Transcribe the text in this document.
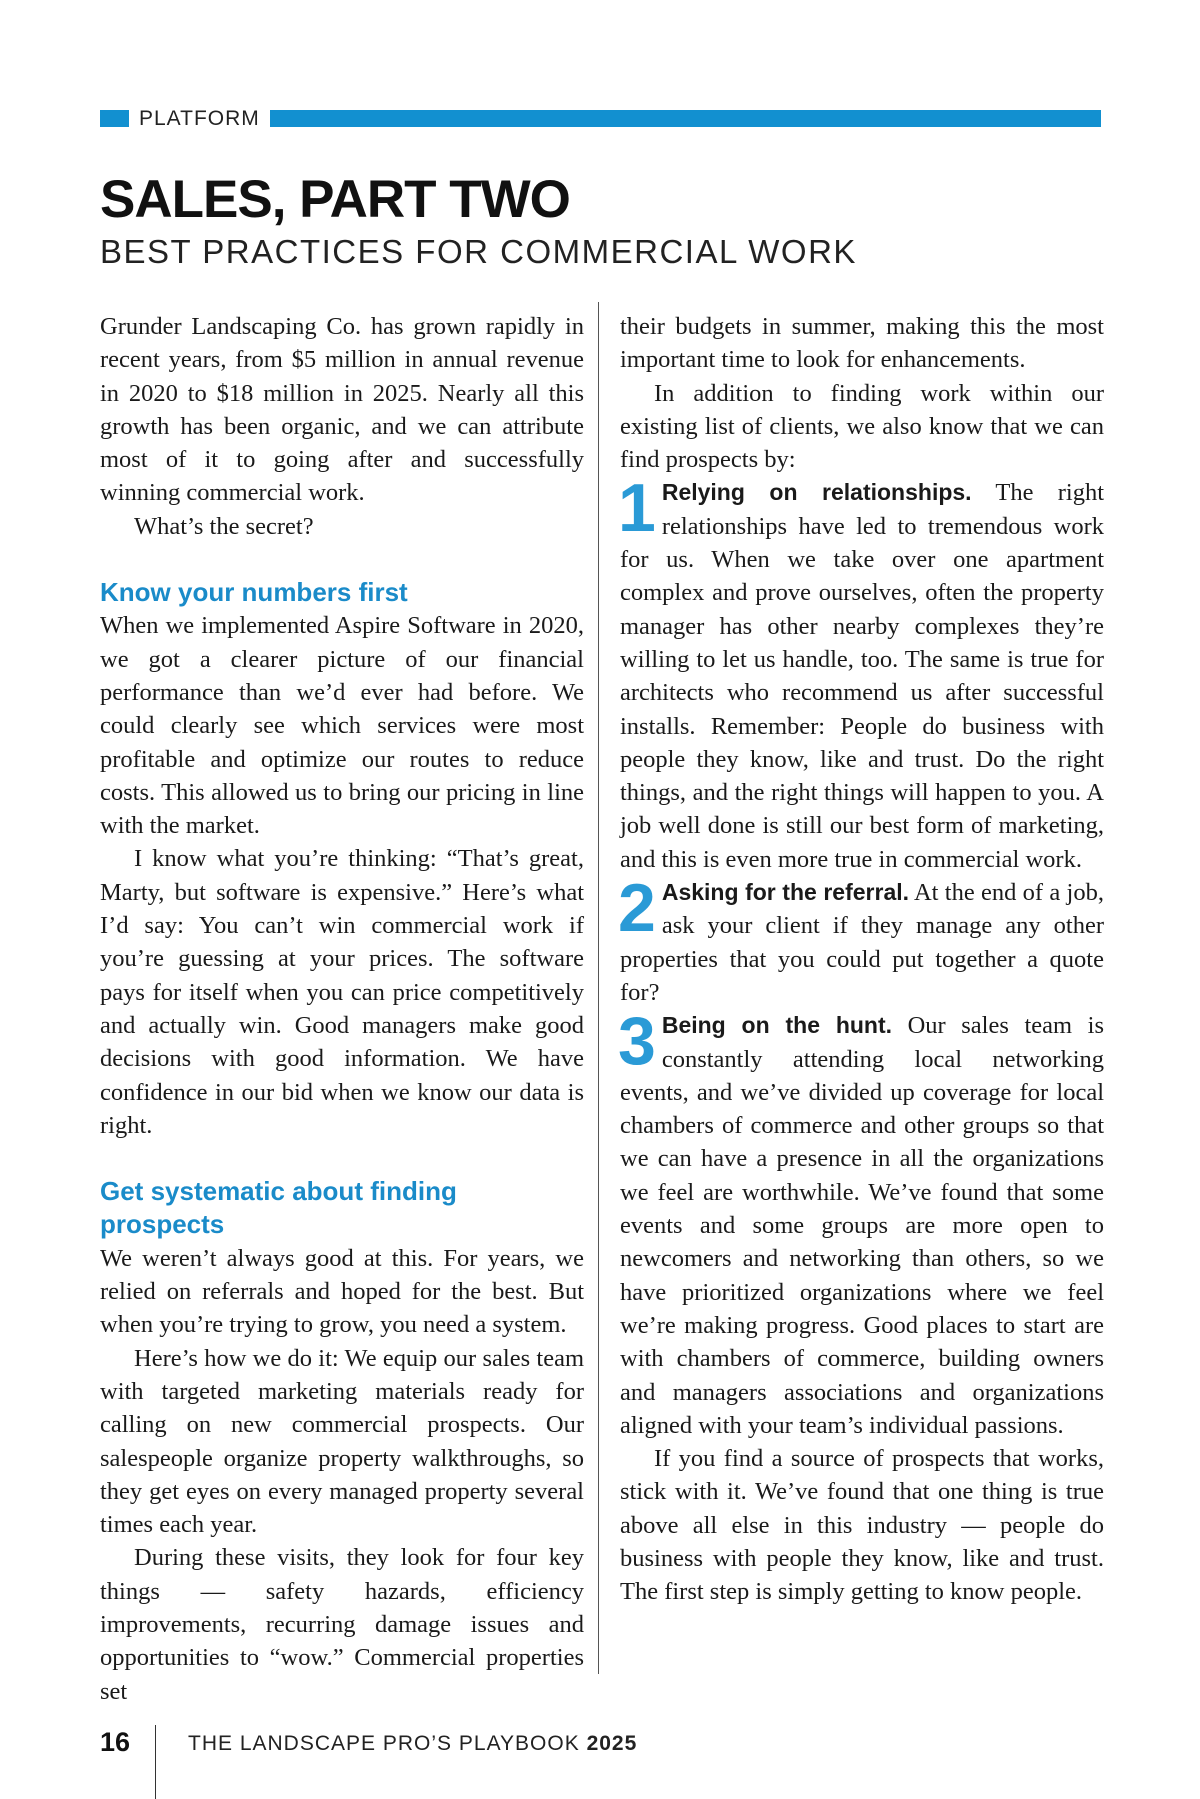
PLATFORM
SALES, PART TWO
BEST PRACTICES FOR COMMERCIAL WORK

Grunder Landscaping Co. has grown rapidly in recent years, from $5 million in annual revenue in 2020 to $18 million in 2025. Nearly all this growth has been organic, and we can attribute most of it to going after and successfully winning commercial work.

What’s the secret?

Know your numbers first

When we implemented Aspire Software in 2020, we got a clearer picture of our financial performance than we’d ever had before. We could clearly see which services were most profitable and optimize our routes to reduce costs. This allowed us to bring our pricing in line with the market.

I know what you’re thinking: “That’s great, Marty, but software is expensive.” Here’s what I’d say: You can’t win commercial work if you’re guessing at your prices. The software pays for itself when you can price competitively and actually win. Good managers make good decisions with good information. We have confidence in our bid when we know our data is right.

Get systematic about finding prospects

We weren’t always good at this. For years, we relied on referrals and hoped for the best. But when you’re trying to grow, you need a system.

Here’s how we do it: We equip our sales team with targeted marketing materials ready for calling on new commercial prospects. Our salespeople organize property walkthroughs, so they get eyes on every managed property several times each year.

During these visits, they look for four key things — safety hazards, efficiency improvements, recurring damage issues and opportunities to “wow.” Commercial properties set

their budgets in summer, making this the most important time to look for enhancements.

In addition to finding work within our existing list of clients, we also know that we can find prospects by:

1 Relying on relationships. The right relationships have led to tremendous work for us. When we take over one apartment complex and prove ourselves, often the property manager has other nearby complexes they’re willing to let us handle, too. The same is true for architects who recommend us after successful installs. Remember: People do business with people they know, like and trust. Do the right things, and the right things will happen to you. A job well done is still our best form of marketing, and this is even more true in commercial work.

2 Asking for the referral. At the end of a job, ask your client if they manage any other properties that you could put together a quote for?

3 Being on the hunt. Our sales team is constantly attending local networking events, and we’ve divided up coverage for local chambers of commerce and other groups so that we can have a presence in all the organizations we feel are worthwhile. We’ve found that some events and some groups are more open to newcomers and networking than others, so we have prioritized organizations where we feel we’re making progress. Good places to start are with chambers of commerce, building owners and managers associations and organizations aligned with your team’s individual passions.

If you find a source of prospects that works, stick with it. We’ve found that one thing is true above all else in this industry — people do business with people they know, like and trust. The first step is simply getting to know people.

16	THE LANDSCAPE PRO’S PLAYBOOK 2025
